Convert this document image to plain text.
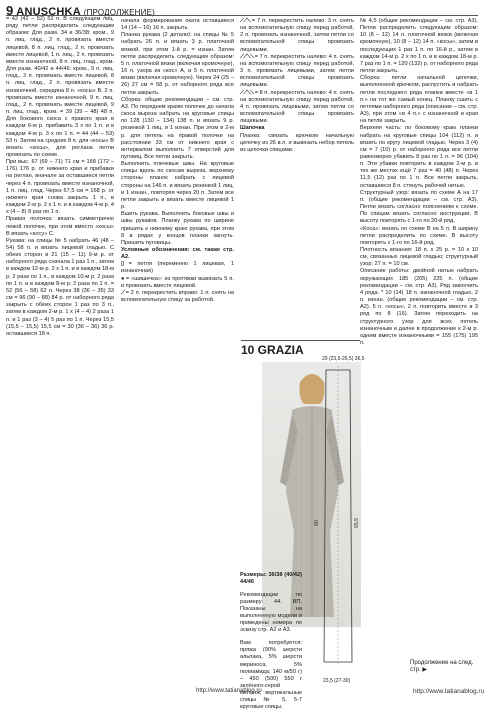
9 ANUSCHKA (ПРОДОЛЖЕНИЕ)

= 42 (42 – 52) 52 п. В следующем лиц. ряду петли распределить следующим образом: Для разм. 34 и 36/38: кром., 9 п. лиц. глад., 2 п. провязать вместе лицевой, 8 п. лиц. глад., 2 п. провязать вместе лицевой, 1 п. лиц., 2 п. провязать вместе изнаночной, 8 п. лиц. глад., кром. Для разм. 40/42 и 44/46: кром., 9 п. лиц. глад., 2 п. провязать вместе лицевой, 8 п. лиц. глад., 2 п. провязать вместе изнаночной, середина 8 п. «косы» В, 2 п. провязать вместе изнаночной, 9 п. лиц. глад., 2 п. провязать вместе лицевой, 9 п. лиц. глад., кром. = 39 (39 – 48) 48 п. Для бокового скоса с правого края в каждом 6-м р. прибавить 3 х по 1 п. и в каждом 4-м р. 3 х по 1 п. = 44 (44 – 53) 53 п. Затем на средних 8 п. для «косы» В вязать «косы», для реглана петли провязать по схеме.

При выс. 67 (69 – 71) 71 см = 168 (172 – 176) 176 р. от нижнего края и прибавки на реглан, вначале за оставшиеся петли через 4 п. провязать вместе изнаночной, 1 п. лиц. глад. Через 67,5 см = 168 р. от нижнего края снова закрыть 1 п., в каждом 2-м р. 2 х 1 п. и в каждом 4-м р. 4 х (4 – 8) 8 раз по 1 п.

Правая полочка: вязать симметрично левой полочке, при этом вместо «косы» В вязать «косу» C.

Рукава: на спицы № 5 набрать 46 (48 – 54) 58 п. и вязать лицевой гладью. С обеих сторон в 21 (15 – 11) 9-м р. от наборного ряда сначала 1 раз 1 п., затем в каждом 12-м р. 2 х 1 п. и в каждом 18-м р. 2 раза по 1 п., в каждом 10-м р. 2 раза по 1 п. и в каждом 8-м р. 2 раза по 1 п. = 52 (56 – 58) 62 п. Через 38 (36 – 35) 33 см = 96 (90 – 88) 84 р. от наборного ряда закрыть с обеих сторон 1 раз по 3 п., затем в каждом 2-м р. 1 х (4 – 4) 2 раза 1 п. и 1 раз (3 – 4) 5 раз по 1 п. Через 15,5 (15,5 – 15,5) 15,5 см = 30 (36 – 36) 36 р. оставшиеся 18 п.

начала формирования оката оставшиеся 14 (14 – 16) 16 п. закрыть.

Планка рукава (2 детали): на спицы № 5 набрать 26 п. и вязать 3 р. платочной вязкой, при этом 1-й р. = изнан. Затем петли распределить следующим образом: 5 п. платочной вязки (включая кромочную), 16 п. узора из «кос» А, и 5 п. платочной вязки (включая кромочную). Через 24 (25 – 26) 27 см = 58 р. от наборного ряда все петли закрыть.

Сборка: общие рекомендации – см. стр. А3. По переднем краям полочек до начала скоса выреза набрать на круговые спицы по 128 (130 – 134) 138 п. и вязать 9 р. резинкой 1 лиц. и 1 изнан. При этом в 2-м р. для петель на правой полочке на расстоянии 33 см от нижнего края с интервалом выполнить 7 отверстий для пуговиц. Все петли закрыть.

Выполнить плечевые швы. На круговые спицы вдоль по скосам выреза, верхнему стороны планок набрать с лицевой стороны на 146 п. и вязать резинкой 1 лиц. и 1 изнан., повторяя через 20 п. Затем все петли закрыть и вязать вместе лицевой 1 р.

Вшить рукава. Выполнить боковые швы и швы рукавов. Планку рукава по ширине пришить к нижнему краю рукава, при этом 8 в рядах у концов планки загнуть. Пришить пуговицы.

Условные обозначения: см. также стр. А2.

▯ = петля (переменно 1 лицевая, 1 изнаночная)

● = «шишечка»: из протяжки вывязать 5 п. и провязать вместе лицевой.

⟋ = 2 п. перекрестить вправо: 1 п. снять на вспомогательную спицу за работой.

⟋⟋⟍ = 7 п. перекрестить налево: 3 п. снять на вспомогательную спицу перед работой, 2 п. провязать изнаночной, затем петли со вспомогательной спицы провязать лицевыми.

⟋⟋⟍⟍ = 7 п. перекрестить налево: 4 п. снять на вспомогательную спицу перед работой, 3 п. провязать лицевыми, затем петли вспомогательной спицы провязать лицевыми.

⟋⟋⟍⟍ = 8 п. перекрестить налево: 4 п. снять на вспомогательную спицу перед работой, 4 п. провязать лицевыми, затем петли со вспомогательной спицы провязать лицевыми.

Шапочка

Планка: связать крючком начальную цепочку из 26 в.п. и вывязать небор петель из цепочки спицами.

10 GRAZIA

Размеры: 36/38 (40/42) 44/46

Рекомендации по размеру: 44. ВП. Показаны на выполненную модели и приведены номера по эскизу стр. А2 и А3.

Вам потребуется: пряжа (90% шерсти альпака, 5% шерсти мериноса, 5% полиамида; 140 м/50 г) – 450 (500) 550 г зелёного-серой меланж, вертикальные спицы № 5, 5-7 круговые спицы.

№ 4,5 (общие рекомендации – см. стр. А3). Петли распределить следующим образом: 10 (8 – 12) 14 п. платочной вязки (включая кромочную), 10 (8 – 12) 14 п. «косы», затем в последующих 1 раз 1 п. по 16-й р., затем в каждом 14-м р. 2 х по 1 п. и в каждом 18-м р. 7 раз по 1 п. = 120 (132) р. от наборного ряда петли закрыть.

Сборка: петли начальной цепочки, выполненной крючком, распустить и набрать петли последнего ряда планки вместе «в 1 п.» на тот же самый конец. Планку сшить с петлями наборного ряда (описание – см. стр. А3), при этом «в 4 п.» с изнаночной и края на петли закрыть.

Верхняя часть: по боковому краю планки набрать на круговые спицы 104 (112) п. и вязать по кругу лицевой гладью. Через 3 (4) см = 7 (10) р. от наборного ряда все петли равномерно убавить 8 раз по 1 п. = 96 (104) п. Эти убавки повторить в каждом 2-м р. в тех же местах ещё 7 раз = 40 (48) п. Через 11,5 (12) раз по 1 п. Все петли закрыть, оставшиеся 8 п. стянуть рабочей нитью.

Структурный узор: вязать по схеме А на 17 п. (общие рекомендации – см. стр. А3). Петли вязать согласно пояснениям к схеме. По спицам вязать согласно инструкции. В высоту повторять с 1-го по 20-й ряд.

«Коса»: вязать по схеме В на 5 п. В ширину петли распределить по схеме. В высоту повторять с 1-го по 16-й ряд.

Плотность вязания: 18 п. х 25 р. = 10 х 10 см, связанных лицевой гладью; структурный узор: 27 п. = 10 см.

Описание работы: двойной нитью набрать окружающих 185 (205) 225 п. (общие рекомендации – см. стр. А3). Ряд закончить 4 ряда. * 10 (14) 18 п. изнаночной гладью, 2 п. изнан. (общие рекомендации – см. стр. А2). 5 п. «косы», 2 п. повторить вместе в 3 ряд по 8 (16). Затем переходить на структурного узор для всех петель изнаночным и далее в продолжение к 2-м р. одним вместе изнаночными = 155 (175) 195 п.

20 (23,5-26,5) 36,5
60	65,5
23,5 (27-30)
Продолжение на след. стр. ▶
http://www.tatianablog.ru	http://www.tatianablog.ru
